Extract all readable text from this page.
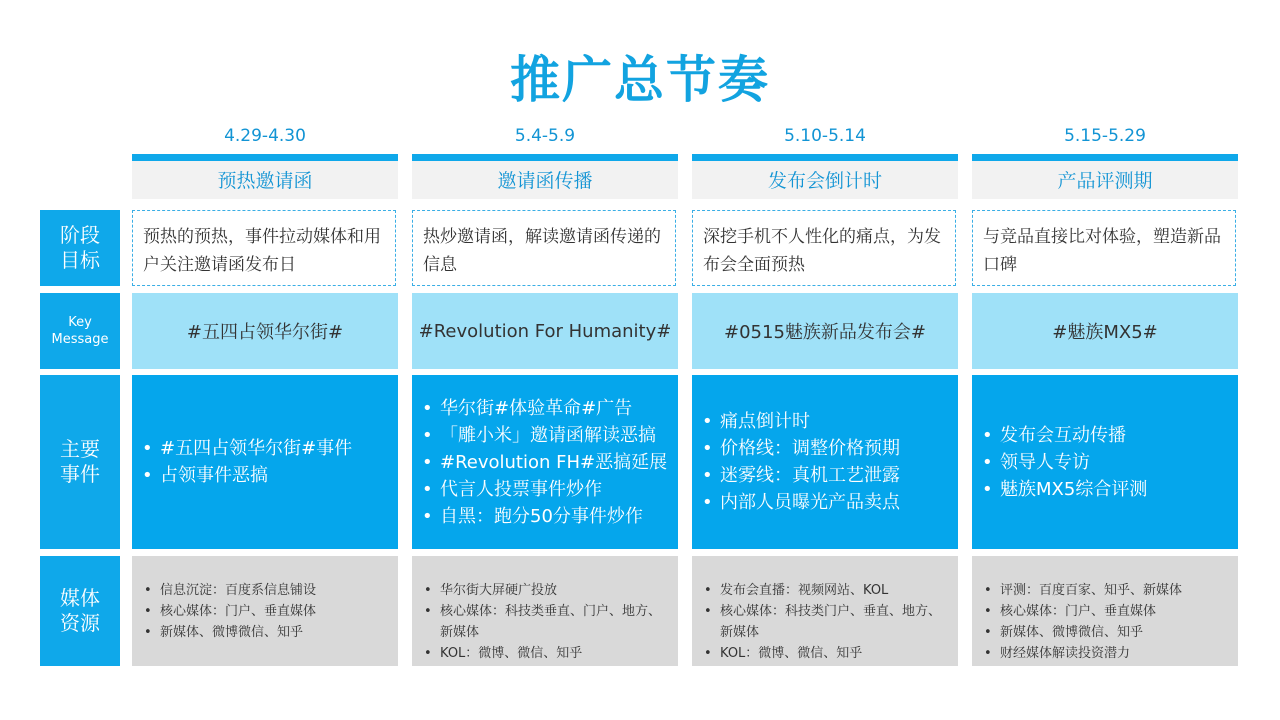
推广总节奏
阶段
目标
Key
Message
主要
事件
媒体
资源
4.29-4.30
预热邀请函
预热的预热，事件拉动媒体和用户关注邀请函发布日
#五四占领华尔街#
• #五四占领华尔街#事件
• 占领事件恶搞
• 信息沉淀：百度系信息铺设
• 核心媒体：门户、垂直媒体
• 新媒体、微博微信、知乎
5.4-5.9
邀请函传播
热炒邀请函，解读邀请函传递的信息
#Revolution For Humanity#
• 华尔街#体验革命#广告
• 「雕小米」邀请函解读恶搞
• #Revolution FH#恶搞延展
• 代言人投票事件炒作
• 自黑：跑分50分事件炒作
• 华尔街大屏硬广投放
• 核心媒体：科技类垂直、门户、地方、新媒体
• KOL：微博、微信、知乎
5.10-5.14
发布会倒计时
深挖手机不人性化的痛点，为发布会全面预热
#0515魅族新品发布会#
• 痛点倒计时
• 价格线：调整价格预期
• 迷雾线：真机工艺泄露
• 内部人员曝光产品卖点
• 发布会直播：视频网站、KOL
• 核心媒体：科技类门户、垂直、地方、新媒体
• KOL：微博、微信、知乎
5.15-5.29
产品评测期
与竞品直接比对体验，塑造新品口碑
#魅族MX5#
• 发布会互动传播
• 领导人专访
• 魅族MX5综合评测
• 评测：百度百家、知乎、新媒体
• 核心媒体：门户、垂直媒体
• 新媒体、微博微信、知乎
• 财经媒体解读投资潜力
